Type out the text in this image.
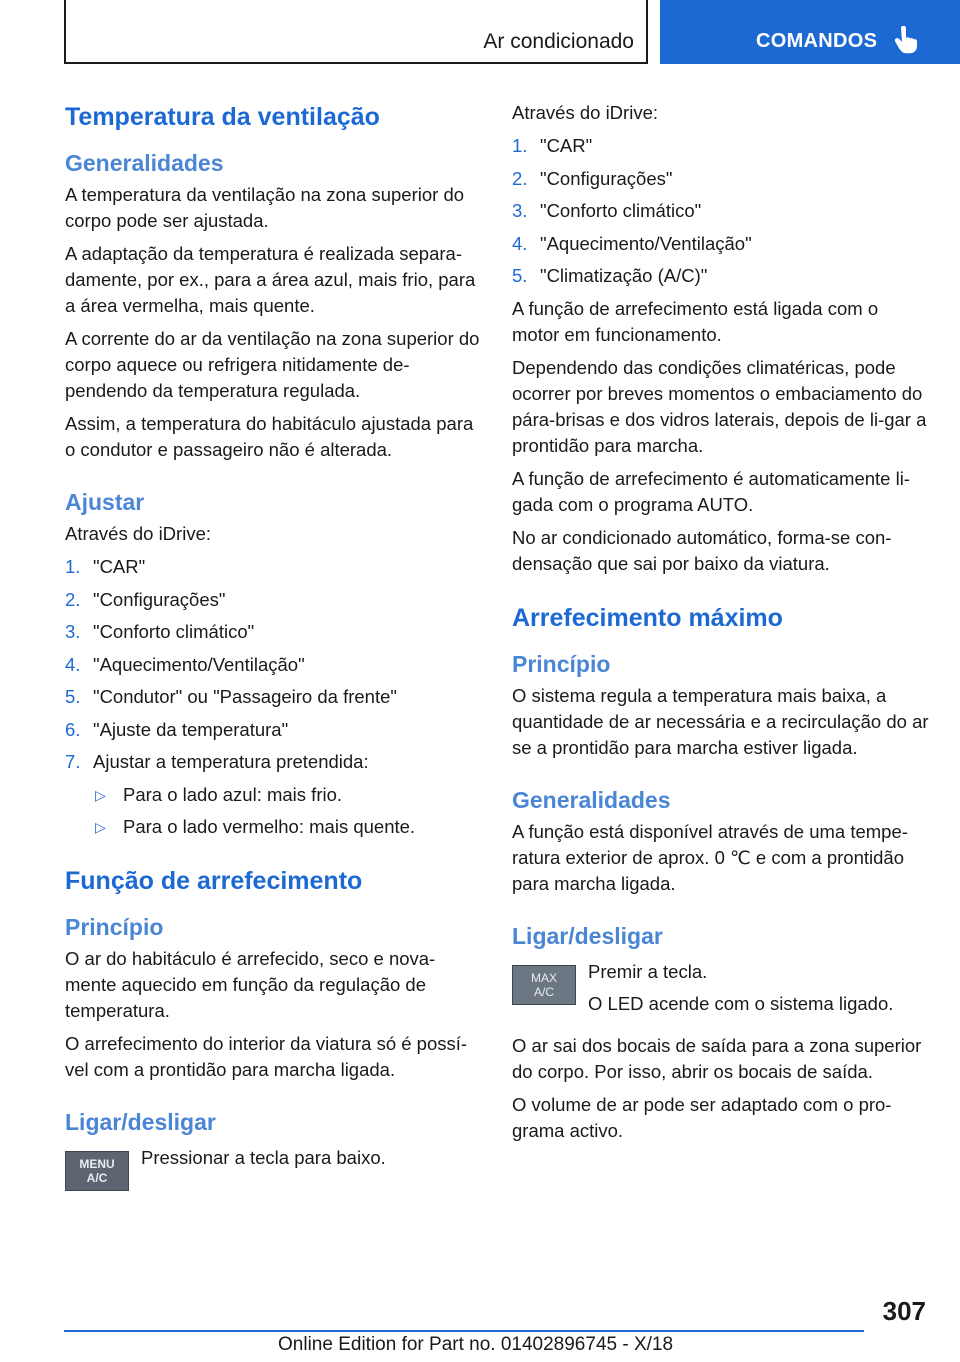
Ar condicionado	COMANDOS
Temperatura da ventilação
Generalidades

A temperatura da ventilação na zona superior do corpo pode ser ajustada.

A adaptação da temperatura é realizada separa-damente, por ex., para a área azul, mais frio, para a área vermelha, mais quente.

A corrente do ar da ventilação na zona superior do corpo aquece ou refrigera nitidamente de-pendendo da temperatura regulada.

Assim, a temperatura do habitáculo ajustada para o condutor e passageiro não é alterada.

Ajustar

Através do iDrive:

1. "CAR"
2. "Configurações"
3. "Conforto climático"
4. "Aquecimento/Ventilação"
5. "Condutor" ou "Passageiro da frente"
6. "Ajuste da temperatura"
7. Ajustar a temperatura pretendida:
▷ Para o lado azul: mais frio.
▷ Para o lado vermelho: mais quente.
Função de arrefecimento
Princípio

O ar do habitáculo é arrefecido, seco e nova-mente aquecido em função da regulação de temperatura.

O arrefecimento do interior da viatura só é possí-vel com a prontidão para marcha ligada.

Ligar/desligar
MENU
A/C

Pressionar a tecla para baixo.

Através do iDrive:

1. "CAR"
2. "Configurações"
3. "Conforto climático"
4. "Aquecimento/Ventilação"
5. "Climatização (A/C)"

A função de arrefecimento está ligada com o motor em funcionamento.

Dependendo das condições climatéricas, pode ocorrer por breves momentos o embaciamento do pára-brisas e dos vidros laterais, depois de li-gar a prontidão para marcha.

A função de arrefecimento é automaticamente li-gada com o programa AUTO.

No ar condicionado automático, forma-se con-densação que sai por baixo da viatura.

Arrefecimento máximo
Princípio

O sistema regula a temperatura mais baixa, a quantidade de ar necessária e a recirculação do ar se a prontidão para marcha estiver ligada.

Generalidades

A função está disponível através de uma tempe-ratura exterior de aprox. 0 ℃ e com a prontidão para marcha ligada.

Ligar/desligar
MAX
A/C

Premir a tecla.

O LED acende com o sistema ligado.

O ar sai dos bocais de saída para a zona superior do corpo. Por isso, abrir os bocais de saída.

O volume de ar pode ser adaptado com o pro-grama activo.

307
Online Edition for Part no. 01402896745 - X/18
